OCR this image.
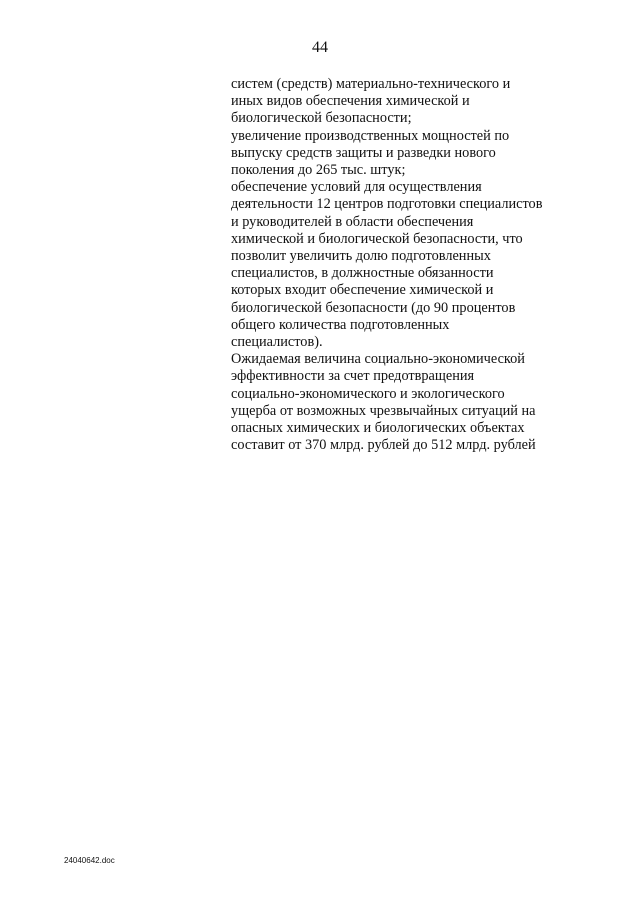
44
систем (средств) материально-технического и
иных видов обеспечения химической и
биологической безопасности;
увеличение производственных мощностей по
выпуску средств защиты и разведки нового
поколения до 265 тыс. штук;
обеспечение условий для осуществления
деятельности 12 центров подготовки специалистов
и руководителей в области обеспечения
химической и биологической безопасности, что
позволит увеличить долю подготовленных
специалистов, в должностные обязанности
которых входит обеспечение химической и
биологической безопасности (до 90 процентов
общего количества подготовленных
специалистов).
Ожидаемая величина социально-экономической
эффективности за счет предотвращения
социально-экономического и экологического
ущерба от возможных чрезвычайных ситуаций на
опасных химических и биологических объектах
составит от 370 млрд. рублей до 512 млрд. рублей
24040642.doc
